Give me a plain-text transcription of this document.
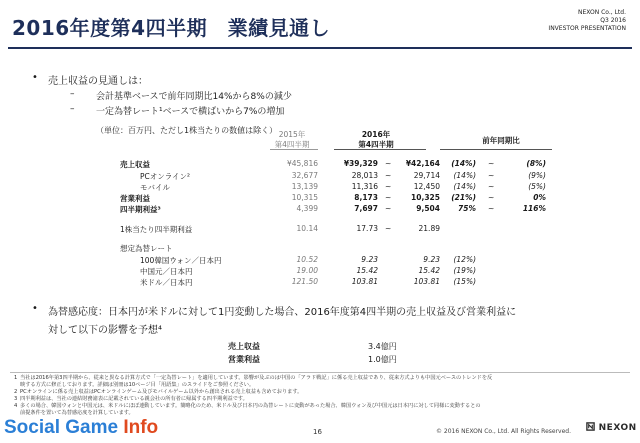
2016年度第4四半期　業績見通し
NEXON Co., Ltd.
Q3 2016
INVESTOR PRESENTATION
• 売上収益の見通しは：
– 会計基準ベースで前年同期比14%から8%の減少
– 一定為替レート¹ベースで横ばいから7%の増加
（単位：百万円、ただし1株当たりの数値は除く） 2015年
第4四半期
2016年
第4四半期	前年同期比
売上収益	¥45,816	¥39,329 ~	¥42,164	(14%) ~	(8%)
PCオンライン²	32,677	28,013 ~	29,714	(14%) ~	(9%)
モバイル	13,139	11,316 ~	12,450	(14%) ~	(5%)
営業利益	10,315	8,173 ~	10,325	(21%) ~	0%
四半期利益³	4,399	7,697 ~	9,504	75% ~	116%
1株当たり四半期利益	10.14	17.73 ~	21.89
想定為替レート
100韓国ウォン／日本円	10.52	9.23	9.23	(12%)
中国元／日本円	19.00	15.42	15.42	(19%)
米ドル／日本円	121.50	103.81	103.81	(15%)
• 為替感応度：日本円が米ドルに対して1円変動した場合、2016年度第4四半期の売上収益及び営業利益に
対して以下の影響を予想⁴
売上収益	3.4億円
営業利益	1.0億円
1 当社は2016年第3四半期から、従来と異なる計算方式で「一定為替レート」を適用しています。影響が及ぶのは中国の「アラド戦記」に係る売上収益であり、従来方式よりも中国元ベースのトレンドを反
映する方式に修正しております。詳細は別冊は10ページ目「用語集」のスライドをご参照ください。
2 PCオンラインに係る売上収益はPCオンラインゲーム及びモバイルゲーム以外から創出される売上収益も含めております。
3 四半期利益は、当社の連結財務諸表に記載されている親会社の所有者に帰属する四半期利益です。
4 多くの場合、韓国ウォンと中国元は、米ドルにほぼ連動しています。簡略化のため、米ドル及び日本円の為替レートに変動があった場合、韓国ウォン及び中国元は日本円に対して同様に変動するとの
前提条件を置いて為替感応度を計算しています。
Social Game Info	16	© 2016 NEXON Co., Ltd. All Rights Reserved.	NEXON
